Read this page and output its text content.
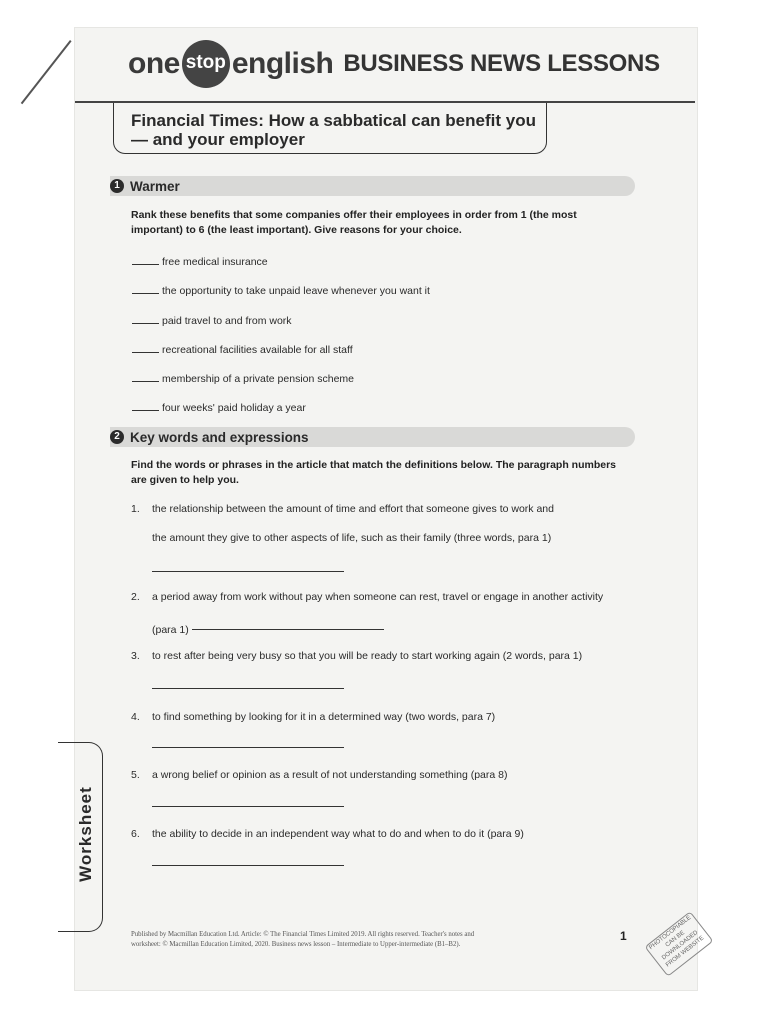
one stop english BUSINESS NEWS LESSONS
Financial Times: How a sabbatical can benefit you — and your employer
1 Warmer
Rank these benefits that some companies offer their employees in order from 1 (the most important) to 6 (the least important). Give reasons for your choice.
free medical insurance
the opportunity to take unpaid leave whenever you want it
paid travel to and from work
recreational facilities available for all staff
membership of a private pension scheme
four weeks' paid holiday a year
2 Key words and expressions
Find the words or phrases in the article that match the definitions below. The paragraph numbers are given to help you.
1. the relationship between the amount of time and effort that someone gives to work and
the amount they give to other aspects of life, such as their family (three words, para 1)
2. a period away from work without pay when someone can rest, travel or engage in another activity
(para 1)
3. to rest after being very busy so that you will be ready to start working again (2 words, para 1)
4. to find something by looking for it in a determined way (two words, para 7)
5. a wrong belief or opinion as a result of not understanding something (para 8)
6. the ability to decide in an independent way what to do and when to do it (para 9)
Worksheet
Published by Macmillan Education Ltd. Article: © The Financial Times Limited 2019. All rights reserved. Teacher's notes and
worksheet: © Macmillan Education Limited, 2020. Business news lesson – Intermediate to Upper-intermediate (B1–B2).
1	PHOTOCOPIABLE CAN BE DOWNLOADED FROM WEBSITE
